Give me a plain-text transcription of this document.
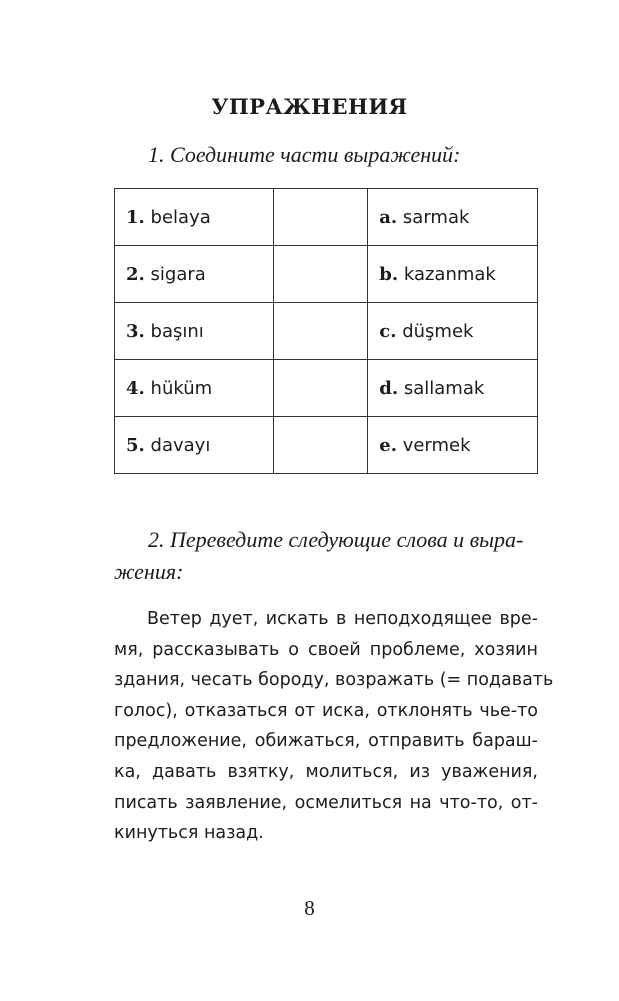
УПРАЖНЕНИЯ
1. Соедините части выражений:
1. belaya		a. sarmak
2. sigara		b. kazanmak
3. başını		c. düşmek
4. hüküm		d. sallamak
5. davayı		e. vermek
2. Переведите следующие слова и выра-
жения:
Ветер дует, искать в неподходящее вре-
мя, рассказывать о своей проблеме, хозяин
здания, чесать бороду, возражать (= подавать
голос), отказаться от иска, отклонять чье-то
предложение, обижаться, отправить бараш-
ка, давать взятку, молиться, из уважения,
писать заявление, осмелиться на что-то, от-
кинуться назад.
8
